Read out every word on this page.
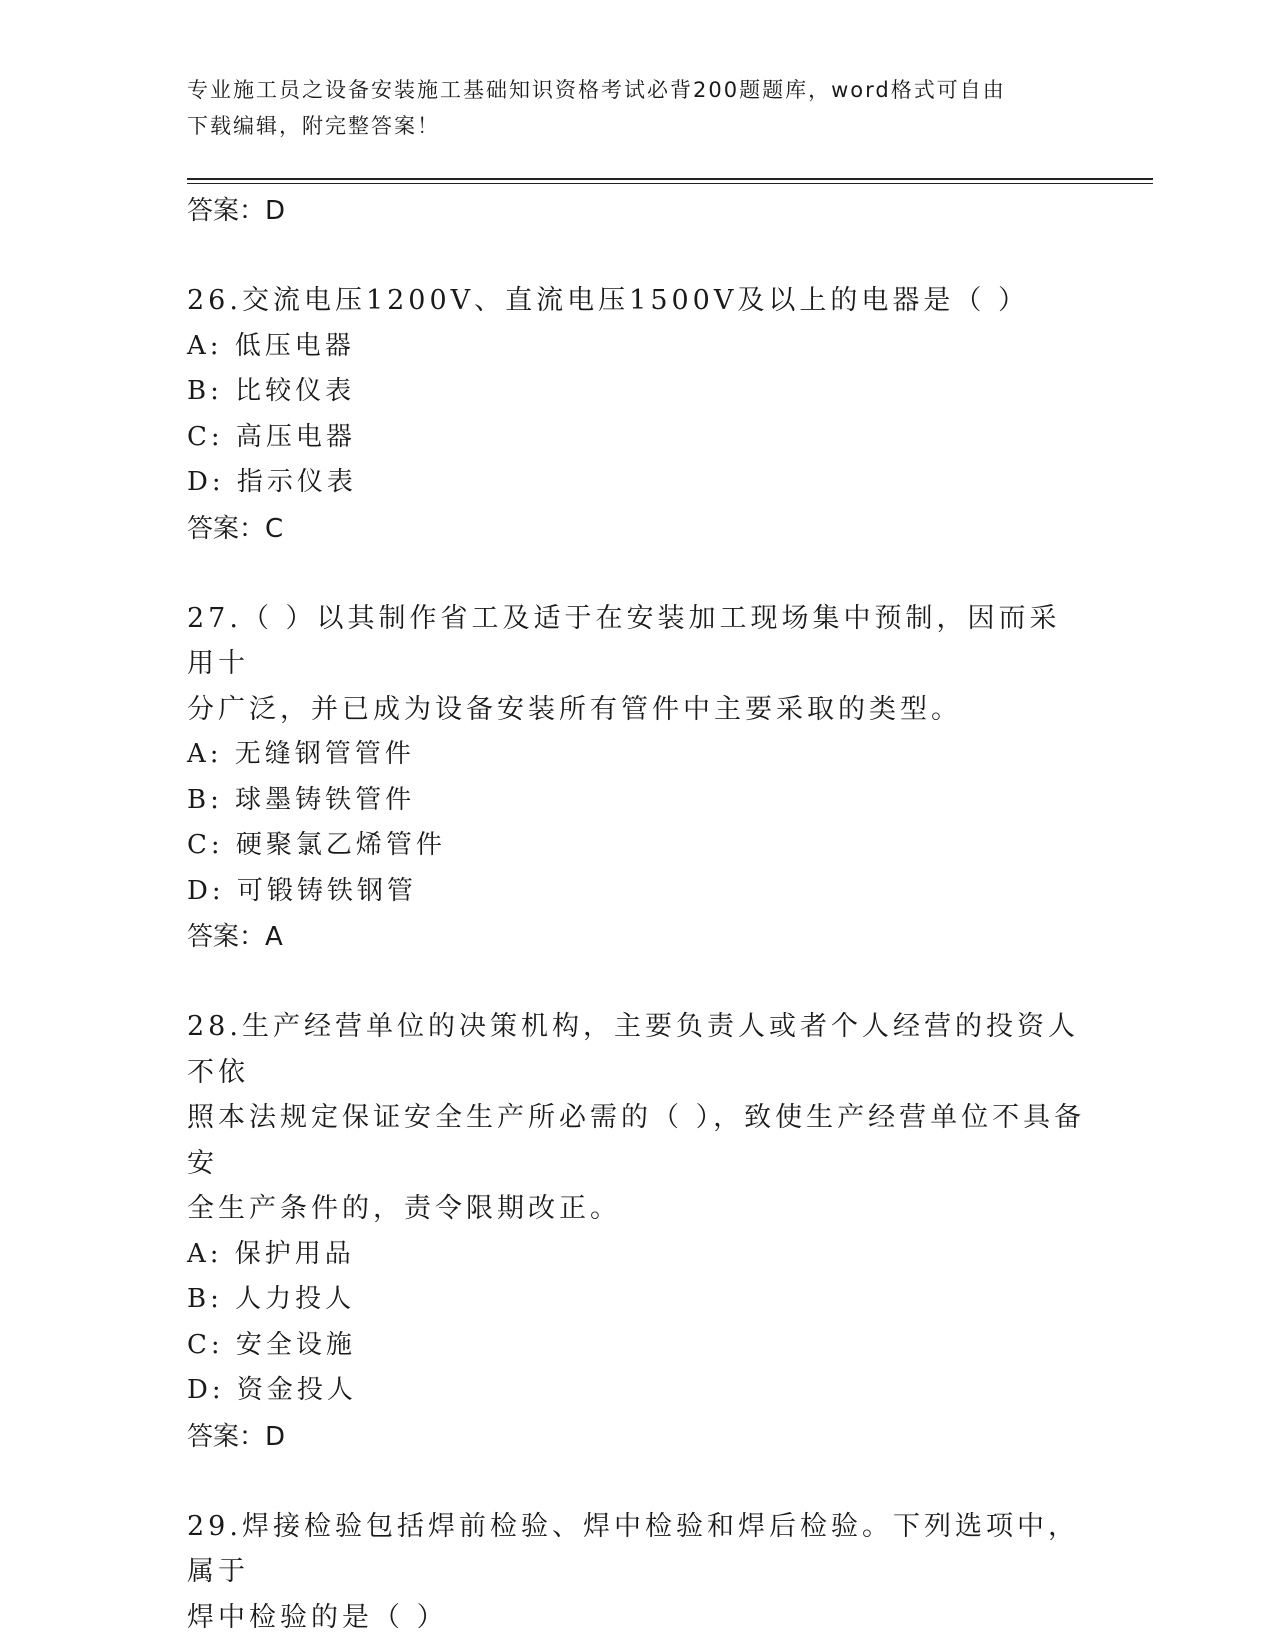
专业施工员之设备安装施工基础知识资格考试必背200题题库，word格式可自由
下载编辑，附完整答案！
答案：D
26.交流电压1200V、直流电压1500V及以上的电器是（ ）
A: 低压电器
B: 比较仪表
C: 高压电器
D: 指示仪表
答案：C
27.（ ）以其制作省工及适于在安装加工现场集中预制，因而采用十
分广泛，并已成为设备安装所有管件中主要采取的类型。
A: 无缝钢管管件
B: 球墨铸铁管件
C: 硬聚氯乙烯管件
D: 可锻铸铁钢管
答案：A
28.生产经营单位的决策机构，主要负责人或者个人经营的投资人不依
照本法规定保证安全生产所必需的（ ），致使生产经营单位不具备安
全生产条件的，责令限期改正。
A: 保护用品
B: 人力投人
C: 安全设施
D: 资金投人
答案：D
29.焊接检验包括焊前检验、焊中检验和焊后检验。下列选项中，属于
焊中检验的是（ ）
